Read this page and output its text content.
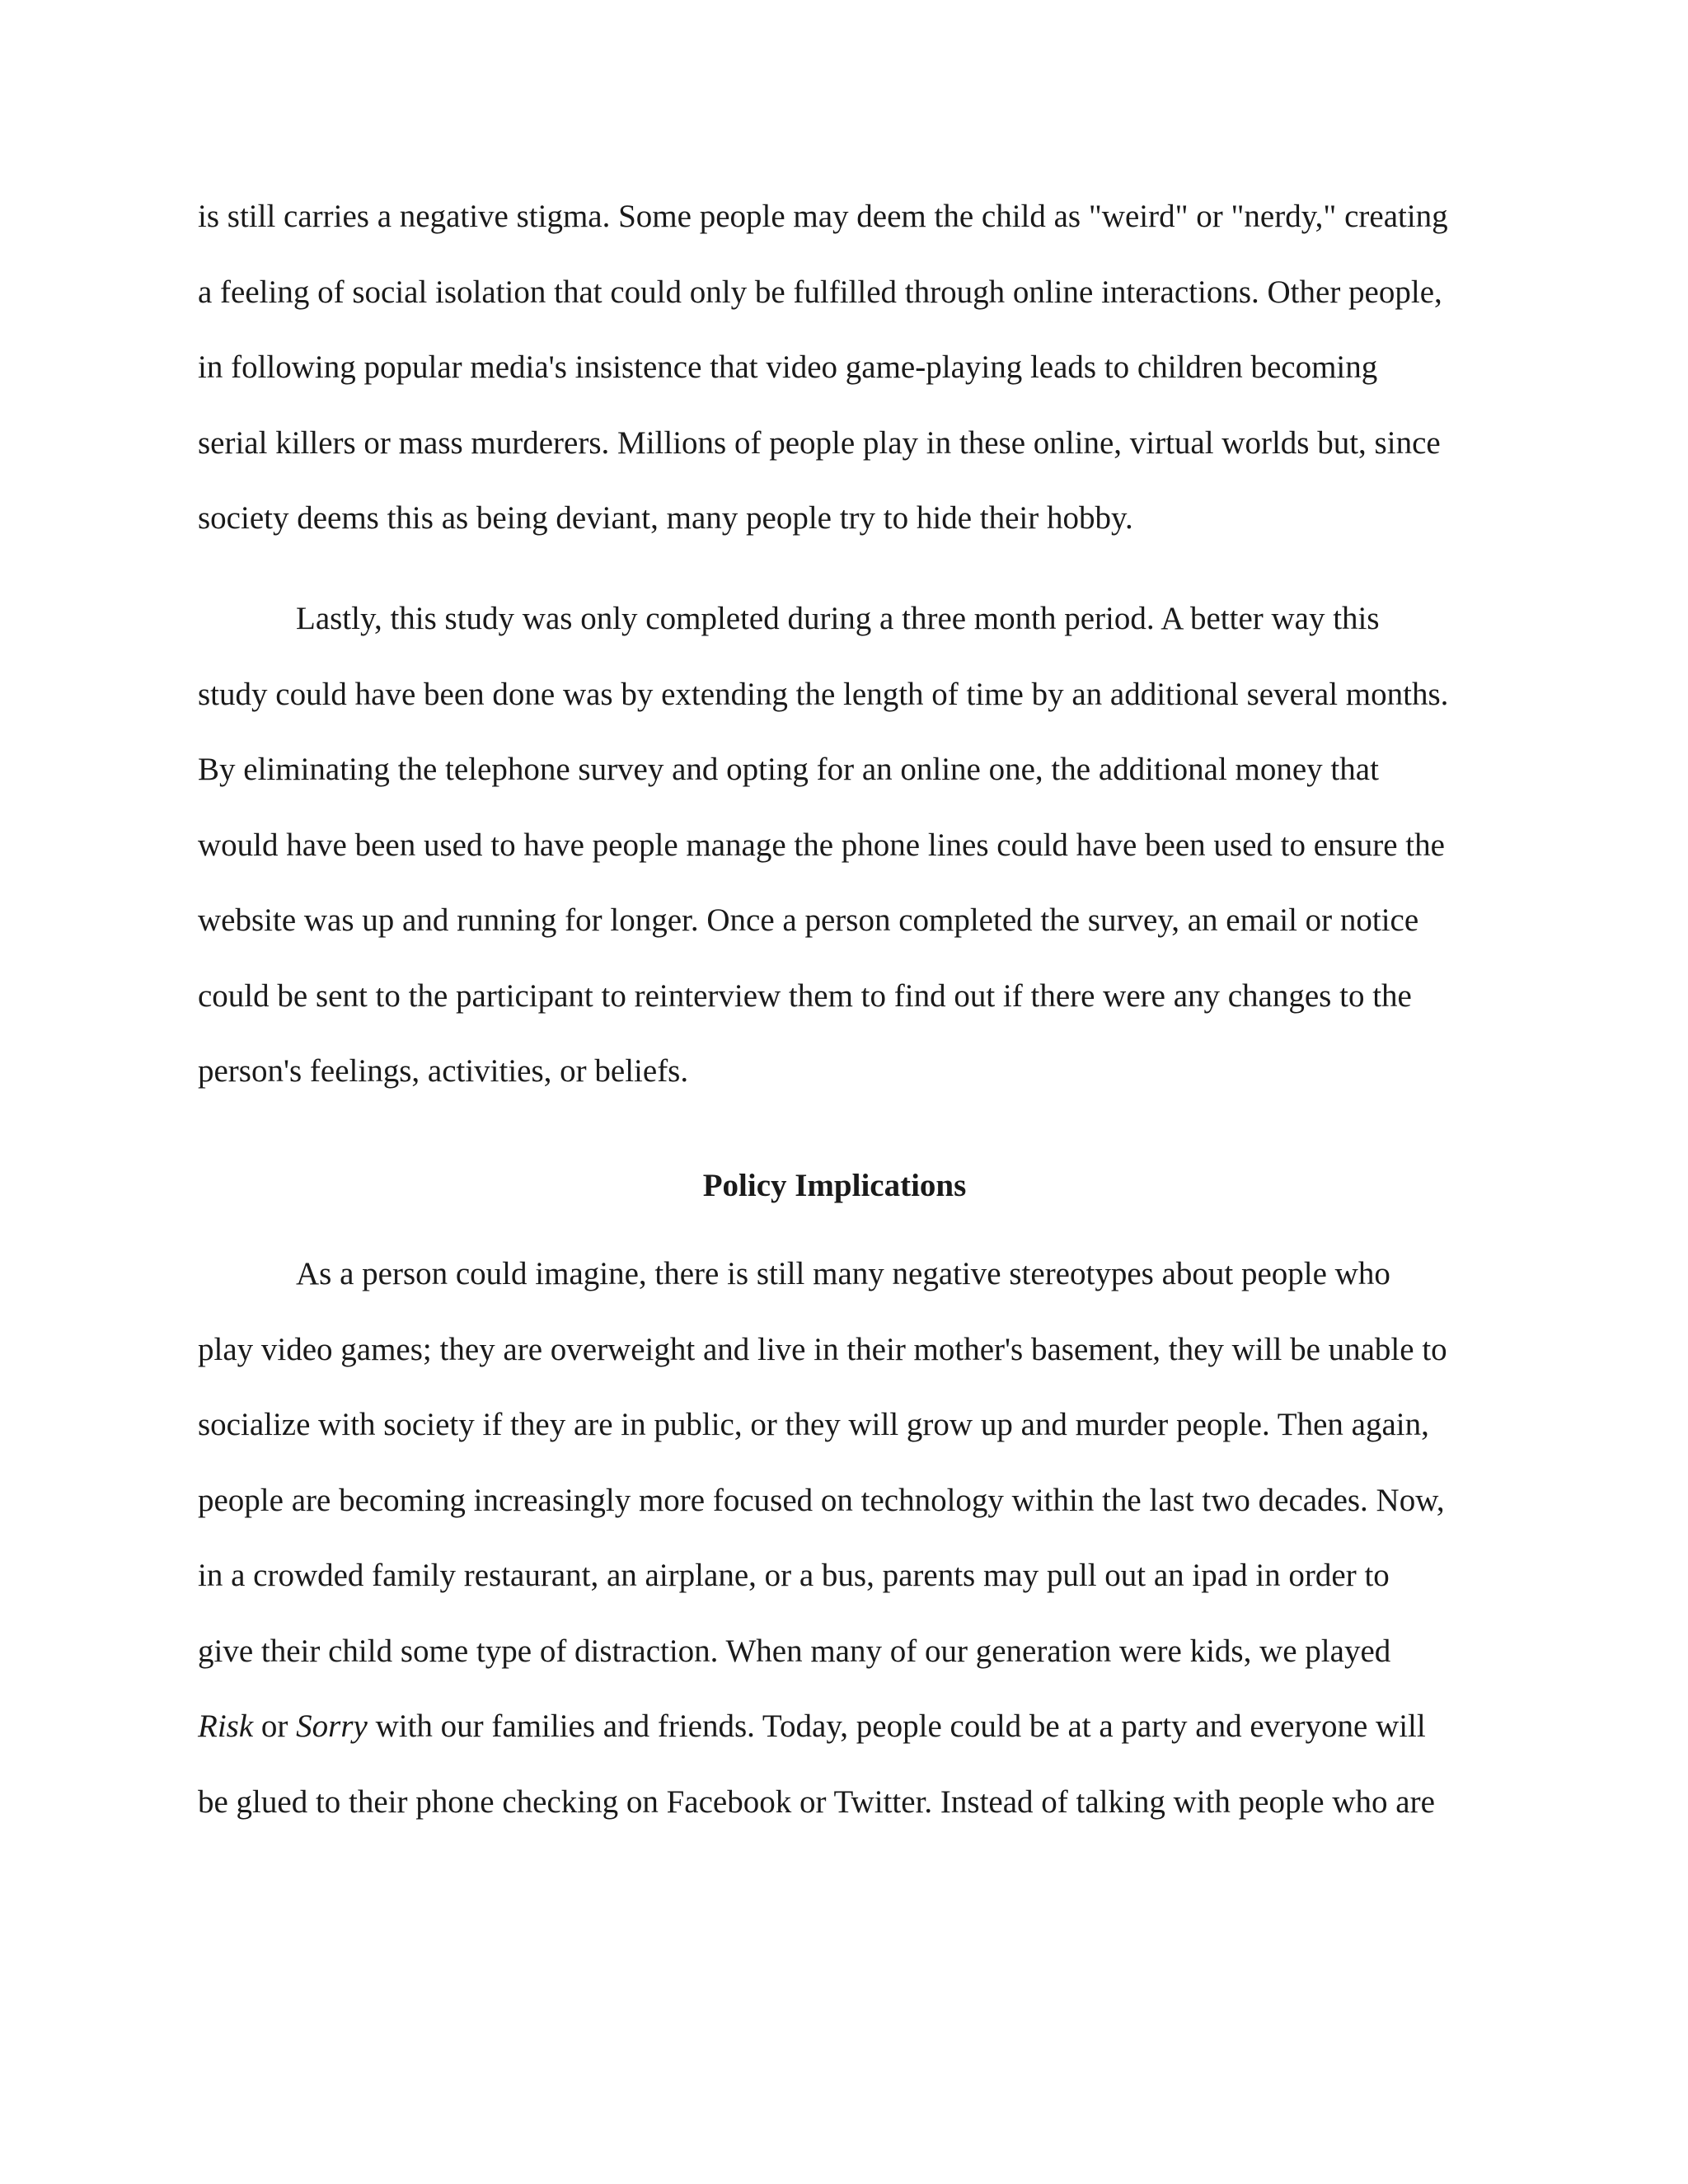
is still carries a negative stigma. Some people may deem the child as "weird" or "nerdy," creating
a feeling of social isolation that could only be fulfilled through online interactions. Other people,
in following popular media's insistence that video game-playing leads to children becoming
serial killers or mass murderers. Millions of people play in these online, virtual worlds but, since
society deems this as being deviant, many people try to hide their hobby.
Lastly, this study was only completed during a three month period. A better way this
study could have been done was by extending the length of time by an additional several months.
By eliminating the telephone survey and opting for an online one, the additional money that
would have been used to have people manage the phone lines could have been used to ensure the
website was up and running for longer. Once a person completed the survey, an email or notice
could be sent to the participant to reinterview them to find out if there were any changes to the
person's feelings, activities, or beliefs.
Policy Implications
As a person could imagine, there is still many negative stereotypes about people who
play video games; they are overweight and live in their mother's basement, they will be unable to
socialize with society if they are in public, or they will grow up and murder people. Then again,
people are becoming increasingly more focused on technology within the last two decades. Now,
in a crowded family restaurant, an airplane, or a bus, parents may pull out an ipad in order to
give their child some type of distraction. When many of our generation were kids, we played
Risk or Sorry with our families and friends. Today, people could be at a party and everyone will
be glued to their phone checking on Facebook or Twitter. Instead of talking with people who are
